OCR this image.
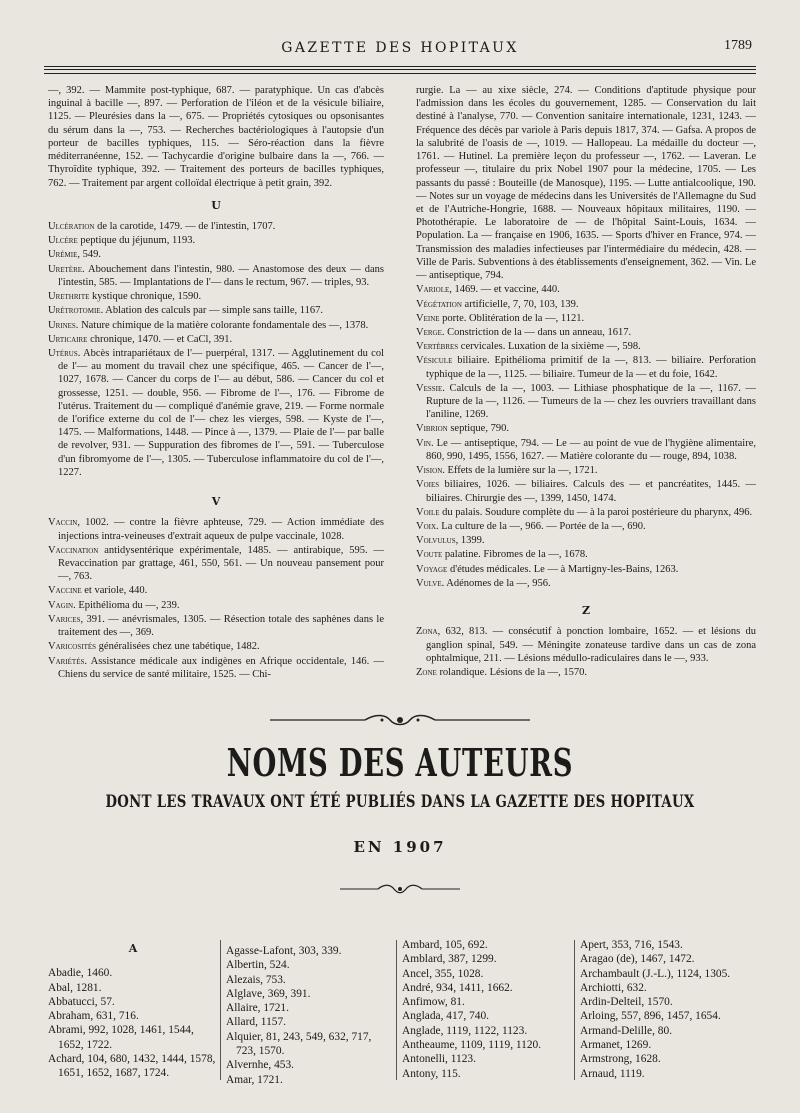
GAZETTE DES HOPITAUX	1789

—, 392. — Mammite post-typhique, 687. — paratyphique. Un cas d'abcès inguinal à bacille —, 897. — Perforation de l'iléon et de la vésicule biliaire, 1125. — Pleurésies dans la —, 675. — Propriétés cytosiques ou opsonisantes du sérum dans la —, 753. — Recherches bactériologiques à l'autopsie d'un porteur de bacilles typhiques, 115. — Séro-réaction dans la fièvre méditerranéenne, 152. — Tachycardie d'origine bulbaire dans la —, 766. — Thyroïdite typhique, 392. — Traitement des porteurs de bacilles typhiques, 762. — Traitement par argent colloïdal électrique à petit grain, 392.

U

Ulcération de la carotide, 1479. — de l'intestin, 1707.

Ulcère peptique du jéjunum, 1193.

Urémie, 549.

Uretère. Abouchement dans l'intestin, 980. — Anastomose des deux — dans l'intestin, 585. — Implantations de l'— dans le rectum, 967. — triples, 93.

Urethrite kystique chronique, 1590.

Urétrotomie. Ablation des calculs par — simple sans taille, 1167.

Urines. Nature chimique de la matière colorante fondamentale des —, 1378.

Urticaire chronique, 1470. — et CaCl, 391.

Utérus. Abcès intrapariétaux de l'— puerpéral, 1317. — Agglutinement du col de l'— au moment du travail chez une spécifique, 465. — Cancer de l'—, 1027, 1678. — Cancer du corps de l'— au début, 586. — Cancer du col et grossesse, 1251. — double, 956. — Fibrome de l'—, 176. — Fibrome de l'utérus. Traitement du — compliqué d'anémie grave, 219. — Forme normale de l'orifice externe du col de l'— chez les vierges, 598. — Kyste de l'—, 1475. — Malformations, 1448. — Pince à —, 1379. — Plaie de l'— par balle de revolver, 931. — Suppuration des fibromes de l'—, 591. — Tuberculose d'un fibromyome de l'—, 1305. — Tuberculose inflammatoire du col de l'—, 1227.

V

Vaccin, 1002. — contre la fièvre aphteuse, 729. — Action immédiate des injections intra-veineuses d'extrait aqueux de pulpe vaccinale, 1028.

Vaccination antidysentérique expérimentale, 1485. — antirabique, 595. — Revaccination par grattage, 461, 550, 561. — Un nouveau pansement pour —, 763.

Vaccine et variole, 440.

Vagin. Epithélioma du —, 239.

Varices, 391. — anévrismales, 1305. — Résection totale des saphènes dans le traitement des —, 369.

Varicosités généralisées chez une tabétique, 1482.

Variétés. Assistance médicale aux indigènes en Afrique occidentale, 146. — Chiens du service de santé militaire, 1525. — Chi-

rurgie. La — au xixe siècle, 274. — Conditions d'aptitude physique pour l'admission dans les écoles du gouvernement, 1285. — Conservation du lait destiné à l'analyse, 770. — Convention sanitaire internationale, 1231, 1243. — Fréquence des décès par variole à Paris depuis 1817, 374. — Gafsa. A propos de la salubrité de l'oasis de —, 1019. — Hallopeau. La médaille du docteur —, 1761. — Hutinel. La première leçon du professeur —, 1762. — Laveran. Le professeur —, titulaire du prix Nobel 1907 pour la médecine, 1705. — Les passants du passé : Bouteille (de Manosque), 1195. — Lutte antialcoolique, 190. — Notes sur un voyage de médecins dans les Universités de l'Allemagne du Sud et de l'Autriche-Hongrie, 1688. — Nouveaux hôpitaux militaires, 1190. — Photothérapie. Le laboratoire de — de l'hôpital Saint-Louis, 1634. — Population. La — française en 1906, 1635. — Sports d'hiver en France, 974. — Transmission des maladies infectieuses par l'intermédiaire du médecin, 428. — Ville de Paris. Subventions à des établissements d'enseignement, 362. — Vin. Le — antiseptique, 794.

Variole, 1469. — et vaccine, 440.

Végétation artificielle, 7, 70, 103, 139.

Veine porte. Oblitération de la —, 1121.

Verge. Constriction de la — dans un anneau, 1617.

Vertèbres cervicales. Luxation de la sixième —, 598.

Vésicule biliaire. Epithélioma primitif de la —, 813. — biliaire. Perforation typhique de la —, 1125. — biliaire. Tumeur de la — et du foie, 1642.

Vessie. Calculs de la —, 1003. — Lithiase phosphatique de la —, 1167. — Rupture de la —, 1126. — Tumeurs de la — chez les ouvriers travaillant dans l'aniline, 1269.

Vibrion septique, 790.

Vin. Le — antiseptique, 794. — Le — au point de vue de l'hygiène alimentaire, 860, 990, 1495, 1556, 1627. — Matière colorante du — rouge, 894, 1038.

Vision. Effets de la lumière sur la —, 1721.

Voies biliaires, 1026. — biliaires. Calculs des — et pancréatites, 1445. — biliaires. Chirurgie des —, 1399, 1450, 1474.

Voile du palais. Soudure complète du — à la paroi postérieure du pharynx, 496.

Voix. La culture de la —, 966. — Portée de la —, 690.

Volvulus, 1399.

Voute palatine. Fibromes de la —, 1678.

Voyage d'études médicales. Le — à Martigny-les-Bains, 1263.

Vulve. Adénomes de la —, 956.

Z

Zona, 632, 813. — consécutif à ponction lombaire, 1652. — et lésions du ganglion spinal, 549. — Méningite zonateuse tardive dans un cas de zona ophtalmique, 211. — Lésions médullo-radiculaires dans le —, 933.

Zone rolandique. Lésions de la —, 1570.

NOMS DES AUTEURS
DONT LES TRAVAUX ONT ÉTÉ PUBLIÉS DANS LA GAZETTE DES HOPITAUX
EN 1907
A
Abadie, 1460.
Abal, 1281.
Abbatucci, 57.
Abraham, 631, 716.
Abrami, 992, 1028, 1461, 1544, 1652, 1722.
Achard, 104, 680, 1432, 1444, 1578, 1651, 1652, 1687, 1724.
Agasse-Lafont, 303, 339.
Albertin, 524.
Alezais, 753.
Alglave, 369, 391.
Allaire, 1721.
Allard, 1157.
Alquier, 81, 243, 549, 632, 717, 723, 1570.
Alvernhe, 453.
Amar, 1721.
Ambard, 105, 692.
Amblard, 387, 1299.
Ancel, 355, 1028.
André, 934, 1411, 1662.
Anfimow, 81.
Anglada, 417, 740.
Anglade, 1119, 1122, 1123.
Antheaume, 1109, 1119, 1120.
Antonelli, 1123.
Antony, 115.
Apert, 353, 716, 1543.
Aragao (de), 1467, 1472.
Archambault (J.-L.), 1124, 1305.
Archiotti, 632.
Ardin-Delteil, 1570.
Arloing, 557, 896, 1457, 1654.
Armand-Delille, 80.
Armanet, 1269.
Armstrong, 1628.
Arnaud, 1119.
